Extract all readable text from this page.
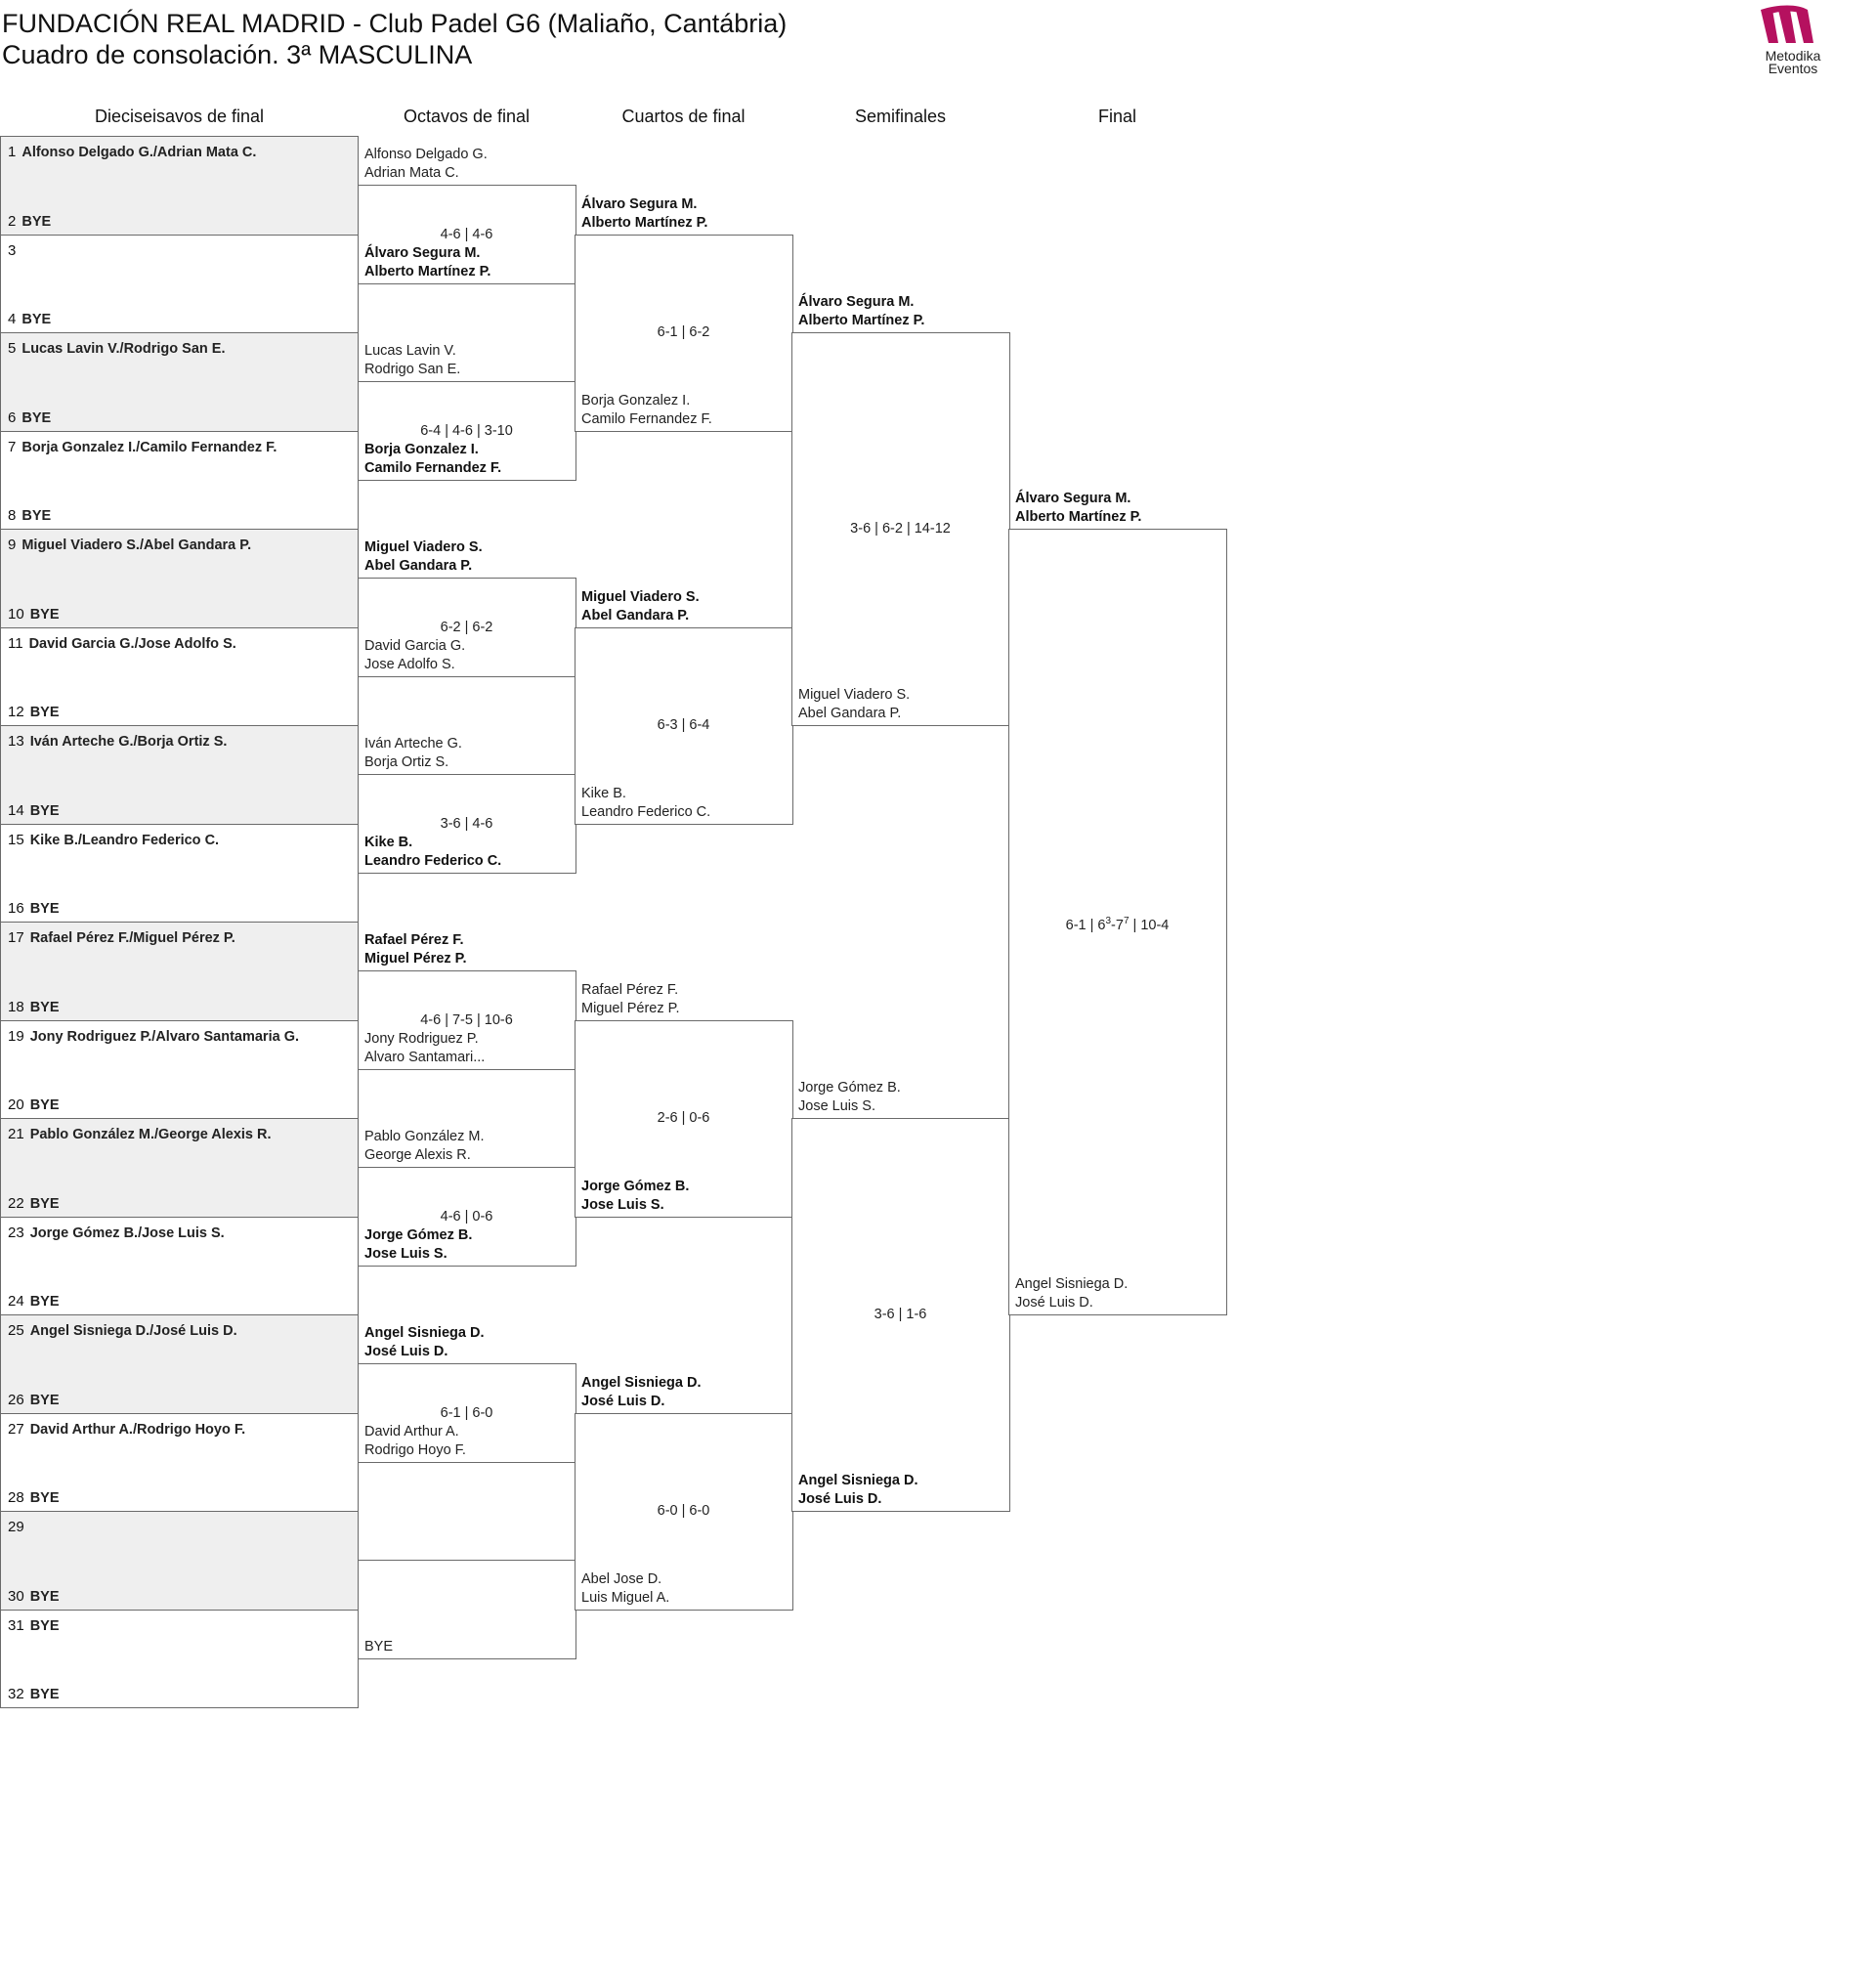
FUNDACIÓN REAL MADRID - Club Padel G6 (Maliaño, Cantábria)
Cuadro de consolación. 3ª MASCULINA	Metodika
Eventos
Dieciseisavos de final	Octavos de final	Cuartos de final	Semifinales	Final
1 Alfonso Delgado G./Adrian Mata C.
2 BYE
3
4 BYE
5 Lucas Lavin V./Rodrigo San E.
6 BYE
7 Borja Gonzalez I./Camilo Fernandez F.
8 BYE
9 Miguel Viadero S./Abel Gandara P.
10 BYE
11 David Garcia G./Jose Adolfo S.
12 BYE
13 Iván Arteche G./Borja Ortiz S.
14 BYE
15 Kike B./Leandro Federico C.
16 BYE
17 Rafael Pérez F./Miguel Pérez P.
18 BYE
19 Jony Rodriguez P./Alvaro Santamaria G.
20 BYE
21 Pablo González M./George Alexis R.
22 BYE
23 Jorge Gómez B./Jose Luis S.
24 BYE
25 Angel Sisniega D./José Luis D.
26 BYE
27 David Arthur A./Rodrigo Hoyo F.
28 BYE
29
30 BYE
31 BYE
32 BYE
Alfonso Delgado G.
Adrian Mata C.
Álvaro Segura M.
Alberto Martínez P.
4-6 | 4-6
Lucas Lavin V.
Rodrigo San E.
Borja Gonzalez I.
Camilo Fernandez F.
6-4 | 4-6 | 3-10
Miguel Viadero S.
Abel Gandara P.
David Garcia G.
Jose Adolfo S.
6-2 | 6-2
Iván Arteche G.
Borja Ortiz S.
Kike B.
Leandro Federico C.
3-6 | 4-6
Rafael Pérez F.
Miguel Pérez P.
Jony Rodriguez P.
Alvaro Santamari...
4-6 | 7-5 | 10-6
Pablo González M.
George Alexis R.
Jorge Gómez B.
Jose Luis S.
4-6 | 0-6
Angel Sisniega D.
José Luis D.
David Arthur A.
Rodrigo Hoyo F.
6-1 | 6-0
BYE
Álvaro Segura M.
Alberto Martínez P.
Borja Gonzalez I.
Camilo Fernandez F.
6-1 | 6-2
Miguel Viadero S.
Abel Gandara P.
Kike B.
Leandro Federico C.
6-3 | 6-4
Rafael Pérez F.
Miguel Pérez P.
Jorge Gómez B.
Jose Luis S.
2-6 | 0-6
Angel Sisniega D.
José Luis D.
Abel Jose D.
Luis Miguel A.
6-0 | 6-0
Álvaro Segura M.
Alberto Martínez P.
Miguel Viadero S.
Abel Gandara P.
3-6 | 6-2 | 14-12
Jorge Gómez B.
Jose Luis S.
Angel Sisniega D.
José Luis D.
3-6 | 1-6
Álvaro Segura M.
Alberto Martínez P.
Angel Sisniega D.
José Luis D.
6-1 | $6^3-7^7$ | 10-4
